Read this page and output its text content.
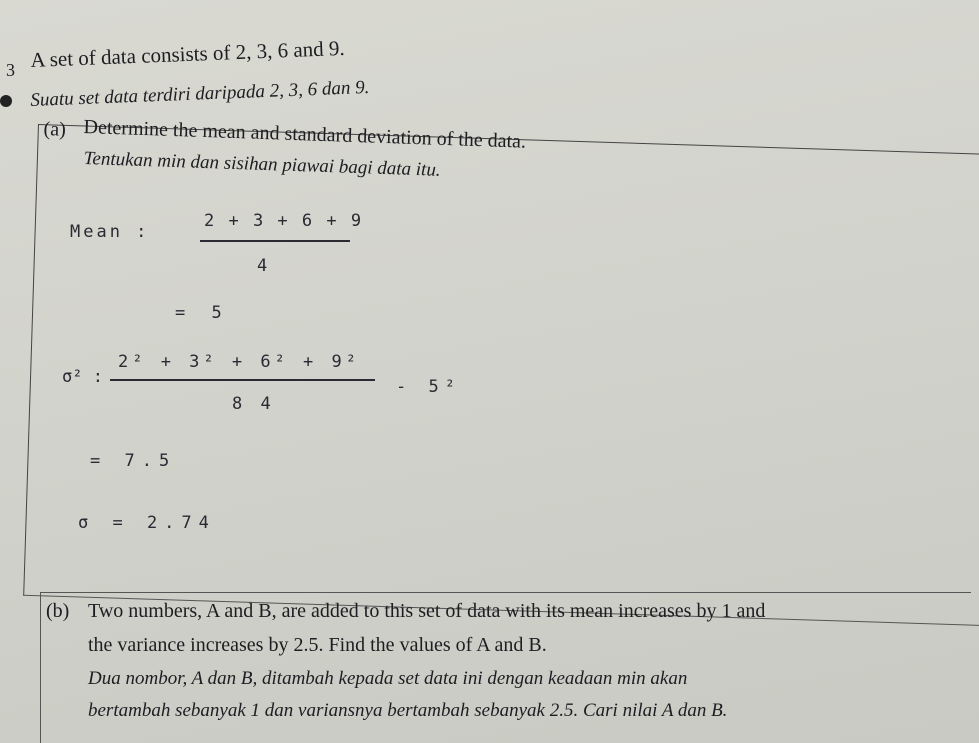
3 A set of data consists of 2, 3, 6 and 9.
Suatu set data terdiri daripada 2, 3, 6 dan 9.
(a) Determine the mean and standard deviation of the data.
Tentukan min dan sisihan piawai bagi data itu.
Mean :
2 + 3 + 6 + 9
4
= 5
σ² :
2² + 3² + 6² + 9²
8 4
- 5²
= 7.5
σ = 2.74
(b) Two numbers, A and B, are added to this set of data with its mean increases by 1 and
the variance increases by 2.5. Find the values of A and B.
Dua nombor, A dan B, ditambah kepada set data ini dengan keadaan min akan
bertambah sebanyak 1 dan variansnya bertambah sebanyak 2.5. Cari nilai A dan B.
